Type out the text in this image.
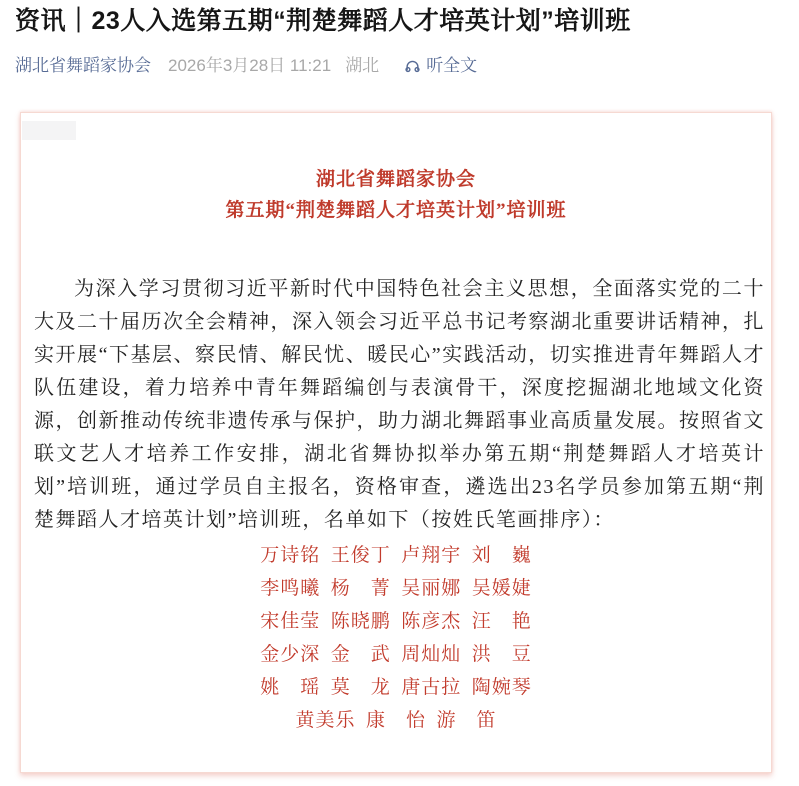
资讯｜23人入选第五期“荆楚舞蹈人才培英计划”培训班
湖北省舞蹈家协会 2026年3月28日 11:21 湖北	听全文
湖北省舞蹈家协会
第五期“荆楚舞蹈人才培英计划”培训班

为深入学习贯彻习近平新时代中国特色社会主义思想，全面落实党的二十大及二十届历次全会精神，深入领会习近平总书记考察湖北重要讲话精神，扎实开展“下基层、察民情、解民忧、暖民心”实践活动，切实推进青年舞蹈人才队伍建设，着力培养中青年舞蹈编创与表演骨干，深度挖掘湖北地域文化资源，创新推动传统非遗传承与保护，助力湖北舞蹈事业高质量发展。按照省文联文艺人才培养工作安排，湖北省舞协拟举办第五期“荆楚舞蹈人才培英计划”培训班，通过学员自主报名，资格审查，遴选出23名学员参加第五期“荆楚舞蹈人才培英计划”培训班，名单如下（按姓氏笔画排序）：

万诗铭 王俊丁 卢翔宇 刘　巍
李鸣曦 杨　菁 吴丽娜 吴媛婕
宋佳莹 陈晓鹏 陈彦杰 汪　艳
金少深 金　武 周灿灿 洪　豆
姚　瑶 莫　龙 唐古拉 陶婉琴
黄美乐 康　怡 游　笛
